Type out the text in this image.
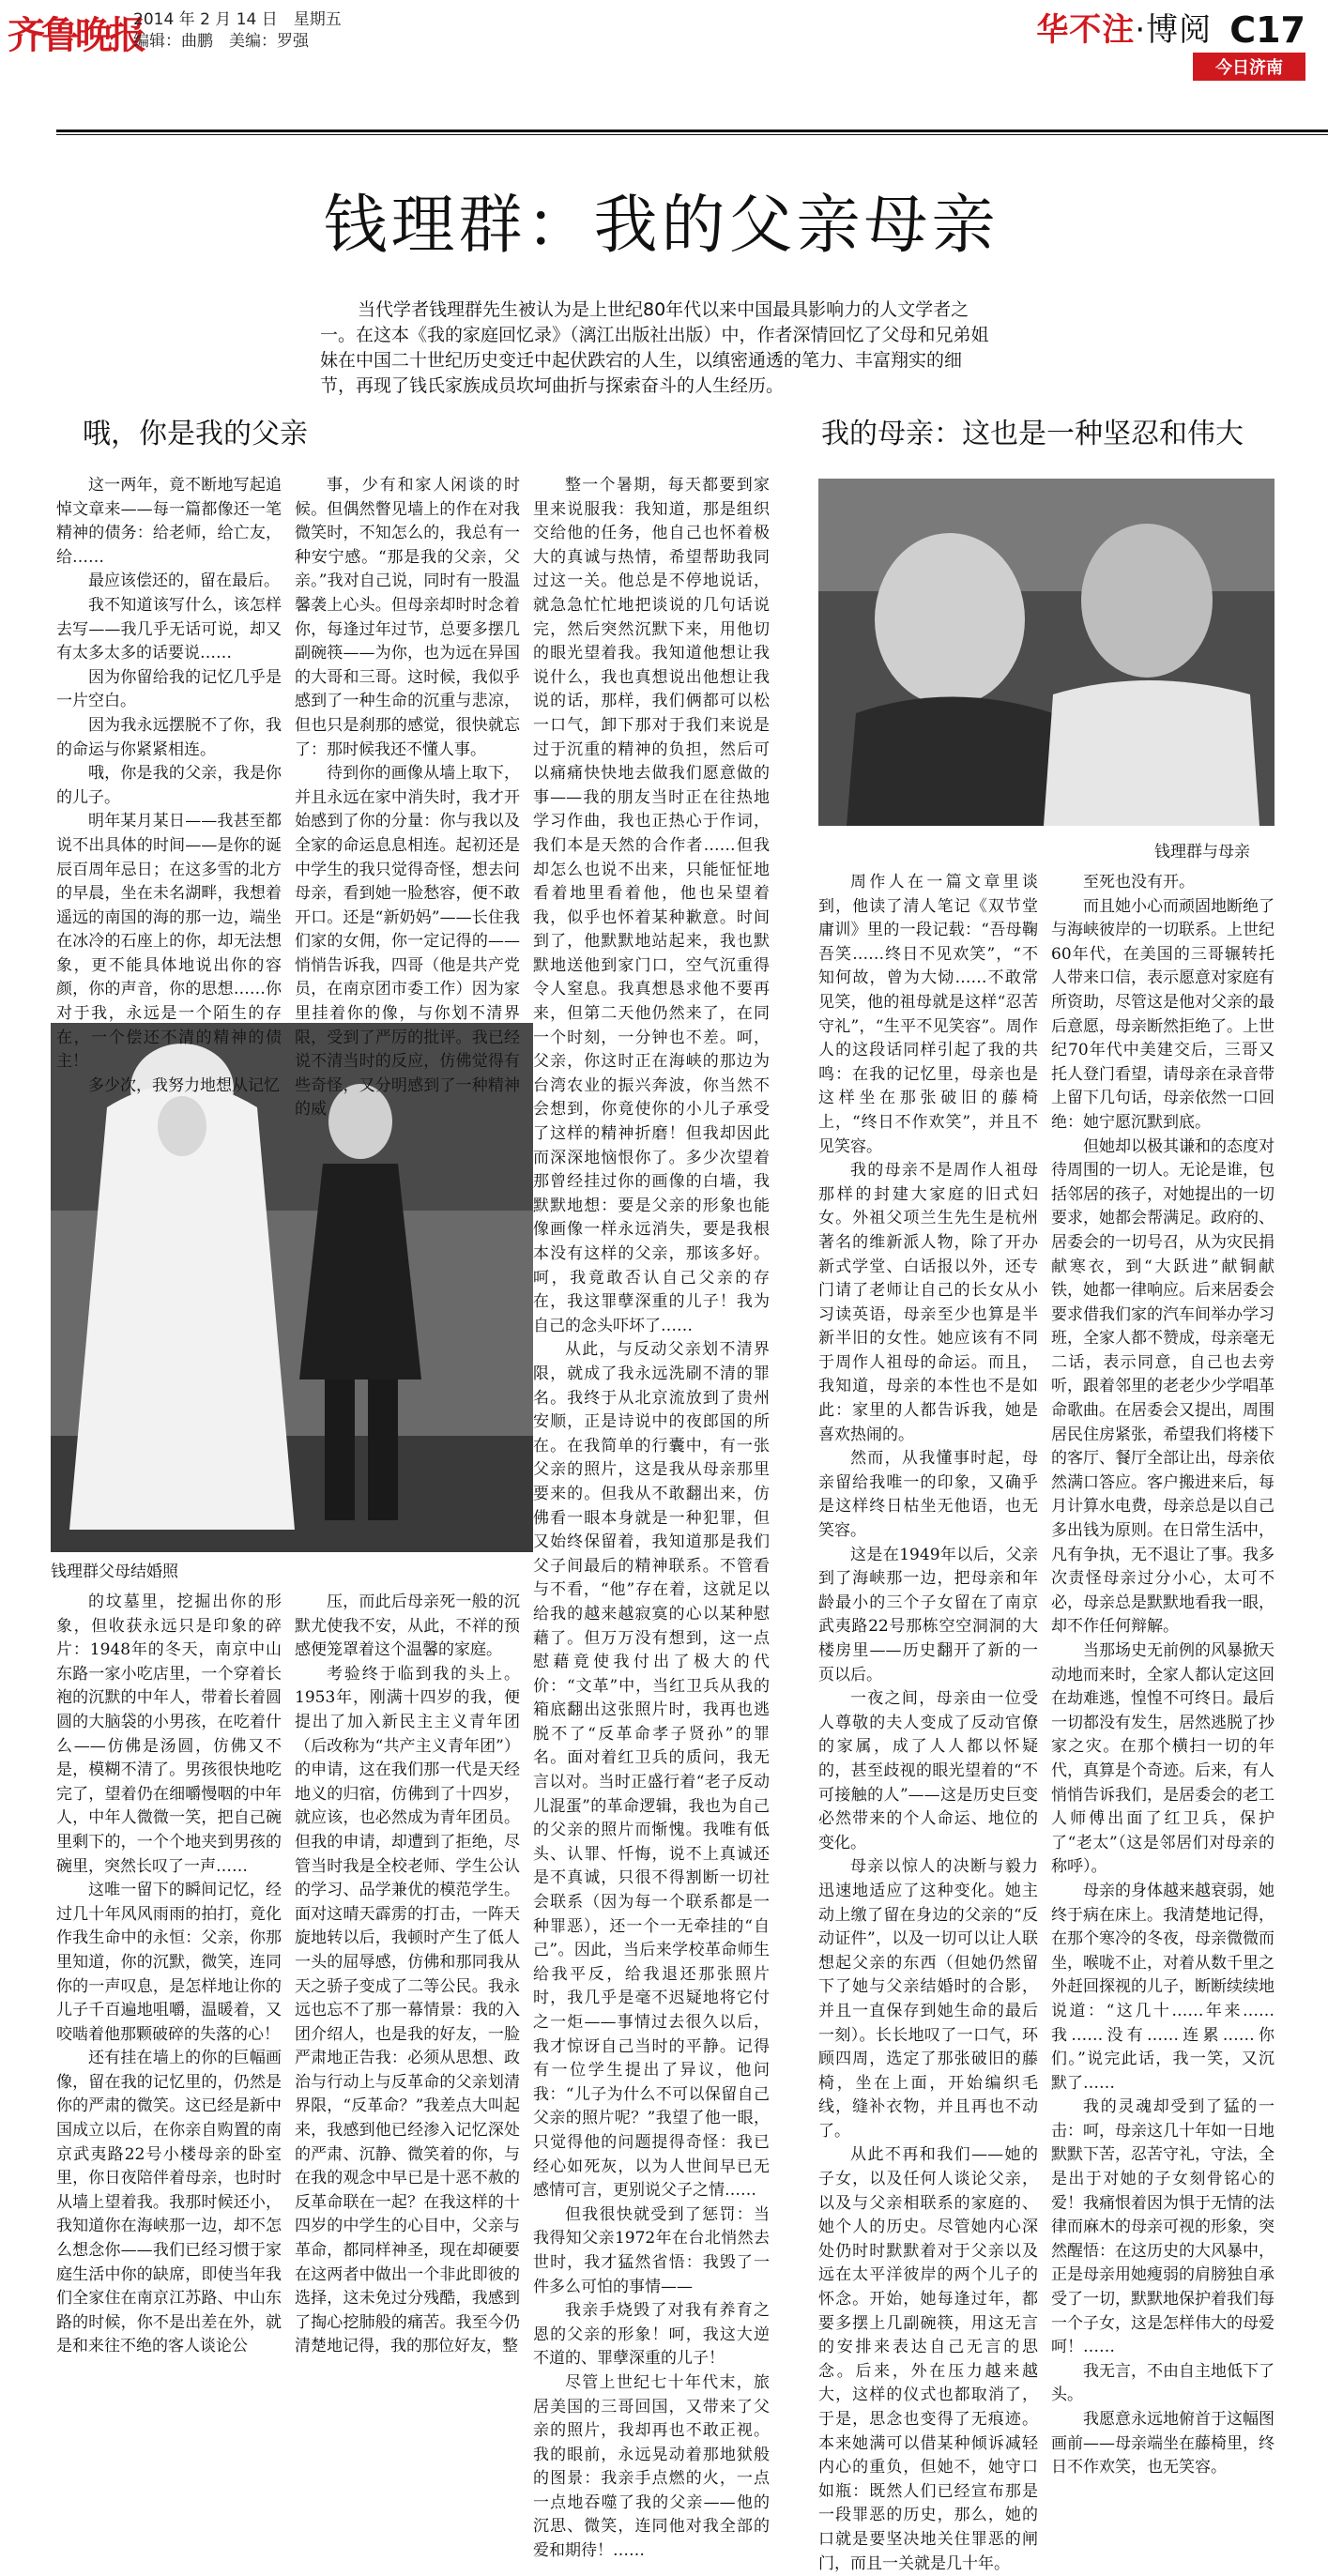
齐鲁晚报
2014 年 2 月 14 日　星期五
编辑：曲鹏　美编：罗强	华不注·博阅 C17
今日济南
钱理群：我的父亲母亲
当代学者钱理群先生被认为是上世纪80年代以来中国最具影响力的人文学者之一。在这本《我的家庭回忆录》（漓江出版社出版）中，作者深情回忆了父母和兄弟姐妹在中国二十世纪历史变迁中起伏跌宕的人生，以缜密通透的笔力、丰富翔实的细节，再现了钱氏家族成员坎坷曲折与探索奋斗的人生经历。
哦，你是我的父亲	我的母亲：这也是一种坚忍和伟大
钱理群父母结婚照
钱理群与母亲

这一两年，竟不断地写起追悼文章来——每一篇都像还一笔精神的债务：给老师，给亡友，给……

最应该偿还的，留在最后。

我不知道该写什么，该怎样去写——我几乎无话可说，却又有太多太多的话要说……

因为你留给我的记忆几乎是一片空白。

因为我永远摆脱不了你，我的命运与你紧紧相连。

哦，你是我的父亲，我是你的儿子。

明年某月某日——我甚至都说不出具体的时间——是你的诞辰百周年忌日；在这多雪的北方的早晨，坐在未名湖畔，我想着遥远的南国的海的那一边，端坐在冰冷的石座上的你，却无法想象，更不能具体地说出你的容颜，你的声音，你的思想……你对于我，永远是一个陌生的存在，一个偿还不清的精神的债主！

多少次，我努力地想从记忆

事，少有和家人闲谈的时候。但偶然瞥见墙上的作在对我微笑时，不知怎么的，我总有一种安宁感。“那是我的父亲，父亲。”我对自己说，同时有一股温馨袭上心头。但母亲却时时念着你，每逢过年过节，总要多摆几副碗筷——为你，也为远在异国的大哥和三哥。这时候，我似乎感到了一种生命的沉重与悲凉，但也只是刹那的感觉，很快就忘了：那时候我还不懂人事。

待到你的画像从墙上取下，并且永远在家中消失时，我才开始感到了你的分量：你与我以及全家的命运息息相连。起初还是中学生的我只觉得奇怪，想去问母亲，看到她一脸愁容，便不敢开口。还是“新奶妈”——长住我们家的女佣，你一定记得的——悄悄告诉我，四哥（他是共产党员，在南京团市委工作）因为家里挂着你的像，与你划不清界限，受到了严厉的批评。我已经说不清当时的反应，仿佛觉得有些奇怪，又分明感到了一种精神的威

整一个暑期，每天都要到家里来说服我：我知道，那是组织交给他的任务，他自己也怀着极大的真诚与热情，希望帮助我同过这一关。他总是不停地说话，就急急忙忙地把谈说的几句话说完，然后突然沉默下来，用他切的眼光望着我。我知道他想让我说什么，我也真想说出他想让我说的话，那样，我们俩都可以松一口气，卸下那对于我们来说是过于沉重的精神的负担，然后可以痛痛快快地去做我们愿意做的事——我的朋友当时正在往热地学习作曲，我也正热心于作词，我们本是天然的合作者……但我却怎么也说不出来，只能怔怔地看着地里看着他，他也呆望着我，似乎也怀着某种歉意。时间到了，他默默地站起来，我也默默地送他到家门口，空气沉重得令人窒息。我真想恳求他不要再来，但第二天他仍然来了，在同一个时刻，一分钟也不差。呵，父亲，你这时正在海峡的那边为台湾农业的振兴奔波，你当然不会想到，你竟使你的小儿子承受了这样的精神折磨！但我却因此而深深地恼恨你了。多少次望着那曾经挂过你的画像的白墙，我默默地想：要是父亲的形象也能像画像一样永远消失，要是我根本没有这样的父亲，那该多好。呵，我竟敢否认自己父亲的存在，我这罪孽深重的儿子！我为自己的念头吓坏了……

从此，与反动父亲划不清界限，就成了我永远洗刷不清的罪名。我终于从北京流放到了贵州安顺，正是诗说中的夜郎国的所在。在我简单的行囊中，有一张父亲的照片，这是我从母亲那里要来的。但我从不敢翻出来，仿佛看一眼本身就是一种犯罪，但又始终保留着，我知道那是我们父子间最后的精神联系。不管看与不看，“他”存在着，这就足以给我的越来越寂寞的心以某种慰藉了。但万万没有想到，这一点慰藉竟使我付出了极大的代价：“文革”中，当红卫兵从我的箱底翻出这张照片时，我再也逃脱不了“反革命孝子贤孙”的罪名。面对着红卫兵的质问，我无言以对。当时正盛行着“老子反动儿混蛋”的革命逻辑，我也为自己的父亲的照片而惭愧。我唯有低头、认罪、忏悔，说不上真诚还是不真诚，只很不得割断一切社会联系（因为每一个联系都是一种罪恶），还一个一无牵挂的“自己”。因此，当后来学校革命师生给我平反，给我退还那张照片时，我几乎是毫不迟疑地将它付之一炬——事情过去很久以后，我才惊讶自己当时的平静。记得有一位学生提出了异议，他问我：“儿子为什么不可以保留自己父亲的照片呢？”我望了他一眼，只觉得他的问题提得奇怪：我已经心如死灰，以为人世间早已无感情可言，更别说父子之情……

但我很快就受到了惩罚：当我得知父亲1972年在台北悄然去世时，我才猛然省悟：我毁了一件多么可怕的事情——

我亲手烧毁了对我有养育之恩的父亲的形象！呵，我这大逆不道的、罪孽深重的儿子！

尽管上世纪七十年代末，旅居美国的三哥回国，又带来了父亲的照片，我却再也不敢正视。我的眼前，永远晃动着那地狱般的图景：我亲手点燃的火，一点一点地吞噬了我的父亲——他的沉思、微笑，连同他对我全部的爱和期待！……

的坟墓里，挖掘出你的形象，但收获永远只是印象的碎片：1948年的冬天，南京中山东路一家小吃店里，一个穿着长袍的沉默的中年人，带着长着圆圆的大脑袋的小男孩，在吃着什么——仿佛是汤圆，仿佛又不是，模糊不清了。男孩很快地吃完了，望着仍在细嚼慢咽的中年人，中年人微微一笑，把自己碗里剩下的，一个个地夹到男孩的碗里，突然长叹了一声……

这唯一留下的瞬间记忆，经过几十年风风雨雨的拍打，竟化作我生命中的永恒：父亲，你那里知道，你的沉默，微笑，连同你的一声叹息，是怎样地让你的儿子千百遍地咀嚼，温暖着，又咬啮着他那颗破碎的失落的心！

还有挂在墙上的你的巨幅画像，留在我的记忆里的，仍然是你的严肃的微笑。这已经是新中国成立以后，在你亲自购置的南京武夷路22号小楼母亲的卧室里，你日夜陪伴着母亲，也时时从墙上望着我。我那时候还小，我知道你在海峡那一边，却不怎么想念你——我们已经习惯于家庭生活中你的缺席，即使当年我们全家住在南京江苏路、中山东路的时候，你不是出差在外，就是和来往不绝的客人谈论公

压，而此后母亲死一般的沉默尤使我不安，从此，不祥的预感便笼罩着这个温馨的家庭。

考验终于临到我的头上。1953年，刚满十四岁的我，便提出了加入新民主主义青年团（后改称为“共产主义青年团”）的申请，这在我们那一代是天经地义的归宿，仿佛到了十四岁，就应该，也必然成为青年团员。但我的申请，却遭到了拒绝，尽管当时我是全校老师、学生公认的学习、品学兼优的模范学生。面对这晴天霹雳的打击，一阵天旋地转以后，我顿时产生了低人一头的屈辱感，仿佛和那同我从天之骄子变成了二等公民。我永远也忘不了那一幕情景：我的入团介绍人，也是我的好友，一脸严肃地正告我：必须从思想、政治与行动上与反革命的父亲划清界限，“反革命？”我差点大叫起来，我感到他已经渗入记忆深处的严肃、沉静、微笑着的你，与在我的观念中早已是十恶不赦的反革命联在一起？在我这样的十四岁的中学生的心目中，父亲与革命，都同样神圣，现在却硬要在这两者中做出一个非此即彼的选择，这未免过分残酷，我感到了掏心挖肺般的痛苦。我至今仍清楚地记得，我的那位好友，整

周作人在一篇文章里谈到，他读了清人笔记《双节堂庸训》里的一段记载：“吾母鞠吾笑……终日不见欢笑”，“不知何故，曾为大恸……不敢常见笑，他的祖母就是这样“忍苦守礼”，“生平不见笑容”。周作人的这段话同样引起了我的共鸣：在我的记忆里，母亲也是这样坐在那张破旧的藤椅上，“终日不作欢笑”，并且不见笑容。

我的母亲不是周作人祖母那样的封建大家庭的旧式妇女。外祖父项兰生先生是杭州著名的维新派人物，除了开办新式学堂、白话报以外，还专门请了老师让自己的长女从小习读英语，母亲至少也算是半新半旧的女性。她应该有不同于周作人祖母的命运。而且，我知道，母亲的本性也不是如此：家里的人都告诉我，她是喜欢热闹的。

然而，从我懂事时起，母亲留给我唯一的印象，又确乎是这样终日枯坐无他语，也无笑容。

这是在1949年以后，父亲到了海峡那一边，把母亲和年龄最小的三个子女留在了南京武夷路22号那栋空空洞洞的大楼房里——历史翻开了新的一页以后。

一夜之间，母亲由一位受人尊敬的夫人变成了反动官僚的家属，成了人人都以怀疑的，甚至歧视的眼光望着的“不可接触的人”——这是历史巨变必然带来的个人命运、地位的变化。

母亲以惊人的决断与毅力迅速地适应了这种变化。她主动上缴了留在身边的父亲的“反动证件”，以及一切可以让人联想起父亲的东西（但她仍然留下了她与父亲结婚时的合影，并且一直保存到她生命的最后一刻）。长长地叹了一口气，环顾四周，选定了那张破旧的藤椅，坐在上面，开始编织毛线，缝补衣物，并且再也不动了。

从此不再和我们——她的子女，以及任何人谈论父亲，以及与父亲相联系的家庭的、她个人的历史。尽管她内心深处仍时时默默着对于父亲以及远在太平洋彼岸的两个儿子的怀念。开始，她每逢过年，都要多摆上几副碗筷，用这无言的安排来表达自己无言的思念。后来，外在压力越来越大，这样的仪式也都取消了，于是，思念也变得了无痕迹。本来她满可以借某种倾诉减轻内心的重负，但她不，她守口如瓶：既然人们已经宣布那是一段罪恶的历史，那么，她的口就是要坚决地关住罪恶的闸门，而且一关就是几十年。

至死也没有开。

而且她小心而顽固地断绝了与海峡彼岸的一切联系。上世纪60年代，在美国的三哥辗转托人带来口信，表示愿意对家庭有所资助，尽管这是他对父亲的最后意愿，母亲断然拒绝了。上世纪70年代中美建交后，三哥又托人登门看望，请母亲在录音带上留下几句话，母亲依然一口回绝：她宁愿沉默到底。

但她却以极其谦和的态度对待周围的一切人。无论是谁，包括邻居的孩子，对她提出的一切要求，她都会帮满足。政府的、居委会的一切号召，从为灾民捐献寒衣，到“大跃进”献铜献铁，她都一律响应。后来居委会要求借我们家的汽车间举办学习班，全家人都不赞成，母亲毫无二话，表示同意，自己也去旁听，跟着邻里的老老少少学唱革命歌曲。在居委会又提出，周围居民住房紧张，希望我们将楼下的客厅、餐厅全部让出，母亲依然满口答应。客户搬进来后，每月计算水电费，母亲总是以自己多出钱为原则。在日常生活中，凡有争执，无不退让了事。我多次责怪母亲过分小心，太可不必，母亲总是默默地看我一眼，却不作任何辩解。

当那场史无前例的风暴掀天动地而来时，全家人都认定这回在劫难逃，惶惶不可终日。最后一切都没有发生，居然逃脱了抄家之灾。在那个横扫一切的年代，真算是个奇迹。后来，有人悄悄告诉我们，是居委会的老工人师傅出面了红卫兵，保护了“老太”（这是邻居们对母亲的称呼）。

母亲的身体越来越衰弱，她终于病在床上。我清楚地记得，在那个寒冷的冬夜，母亲微微而坐，喉咙不止，对着从数千里之外赶回探视的儿子，断断续续地说道：“这几十……年来……我……没有……连累……你们。”说完此话，我一笑，又沉默了……

我的灵魂却受到了猛的一击：呵，母亲这几十年如一日地默默下苦，忍苦守礼，守法，全是出于对她的子女刻骨铭心的爱！我痛恨着因为惧于无情的法律而麻木的母亲可视的形象，突然醒悟：在这历史的大风暴中，正是母亲用她瘦弱的肩膀独自承受了一切，默默地保护着我们每一个子女，这是怎样伟大的母爱呵！……

我无言，不由自主地低下了头。

我愿意永远地俯首于这幅图画前——母亲端坐在藤椅里，终日不作欢笑，也无笑容。
